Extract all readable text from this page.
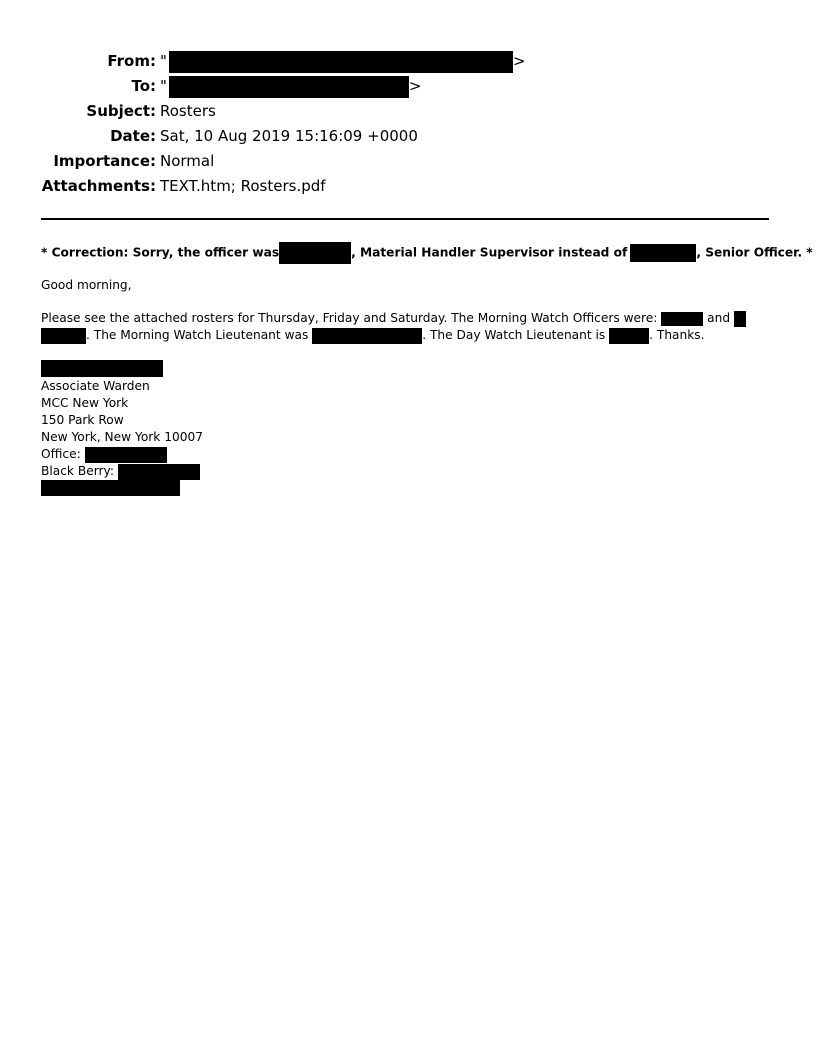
From: "	>
To: "	>
Subject: Rosters
Date: Sat, 10 Aug 2019 15:16:09 +0000
Importance: Normal
Attachments: TEXT.htm; Rosters.pdf
* Correction: Sorry, the officer was	, Material Handler Supervisor instead of	, Senior Officer. *
Good morning,
Please see the attached rosters for Thursday, Friday and Saturday. The Morning Watch Officers were:	and
. The Morning Watch Lieutenant was	. The Day Watch Lieutenant is	. Thanks.
Associate Warden
MCC New York
150 Park Row
New York, New York 10007
Office:
Black Berry:
